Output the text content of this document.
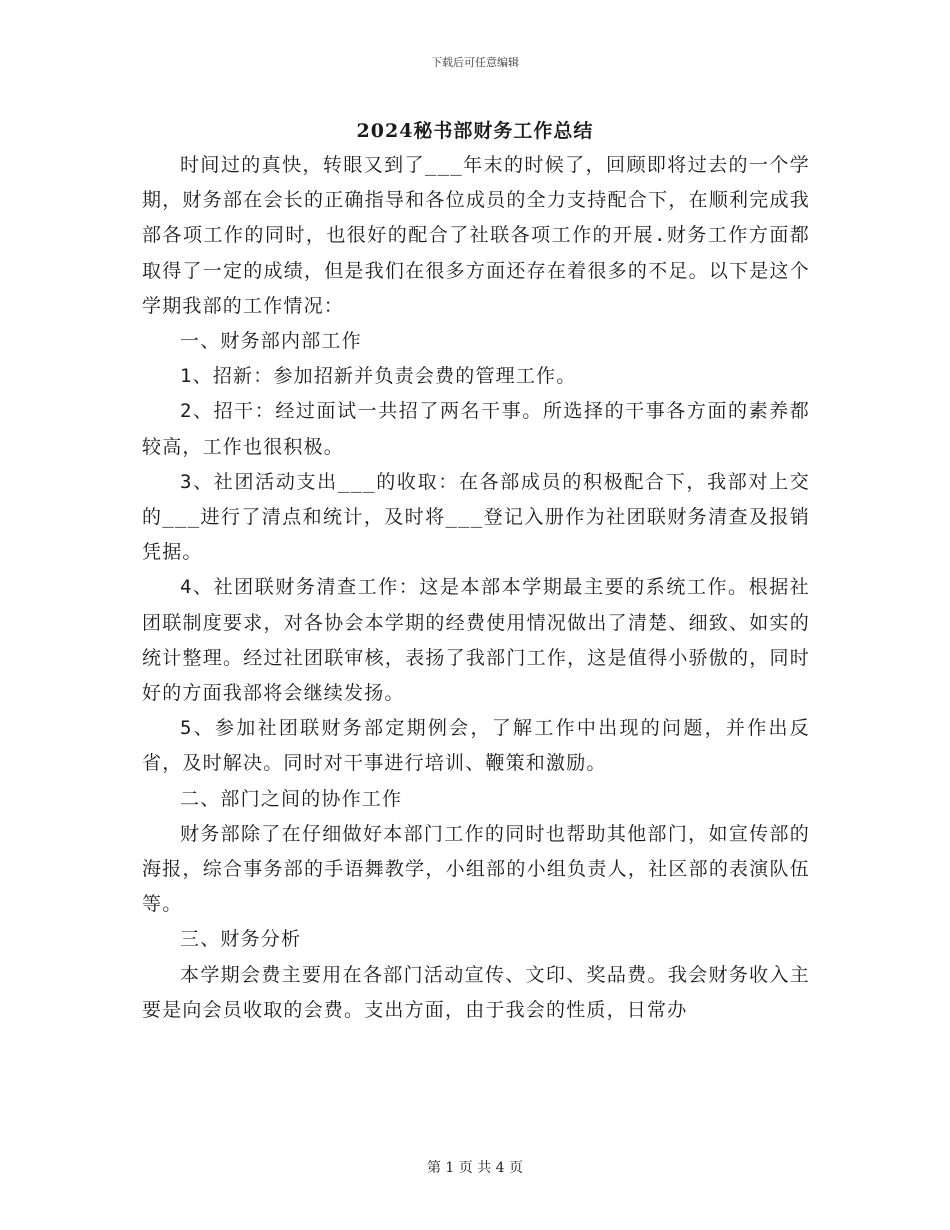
下载后可任意编辑
2024秘书部财务工作总结

时间过的真快，转眼又到了___年末的时候了，回顾即将过去的一个学期，财务部在会长的正确指导和各位成员的全力支持配合下，在顺利完成我部各项工作的同时，也很好的配合了社联各项工作的开展.财务工作方面都取得了一定的成绩，但是我们在很多方面还存在着很多的不足。以下是这个学期我部的工作情况：

一、财务部内部工作

1、招新：参加招新并负责会费的管理工作。

2、招干：经过面试一共招了两名干事。所选择的干事各方面的素养都较高，工作也很积极。

3、社团活动支出___的收取：在各部成员的积极配合下，我部对上交的___进行了清点和统计，及时将___登记入册作为社团联财务清查及报销凭据。

4、社团联财务清查工作：这是本部本学期最主要的系统工作。根据社团联制度要求，对各协会本学期的经费使用情况做出了清楚、细致、如实的统计整理。经过社团联审核，表扬了我部门工作，这是值得小骄傲的，同时好的方面我部将会继续发扬。

5、参加社团联财务部定期例会，了解工作中出现的问题，并作出反省，及时解决。同时对干事进行培训、鞭策和激励。

二、部门之间的协作工作

财务部除了在仔细做好本部门工作的同时也帮助其他部门，如宣传部的海报，综合事务部的手语舞教学，小组部的小组负责人，社区部的表演队伍等。

三、财务分析

本学期会费主要用在各部门活动宣传、文印、奖品费。我会财务收入主要是向会员收取的会费。支出方面，由于我会的性质，日常办

第 1 页 共 4 页
